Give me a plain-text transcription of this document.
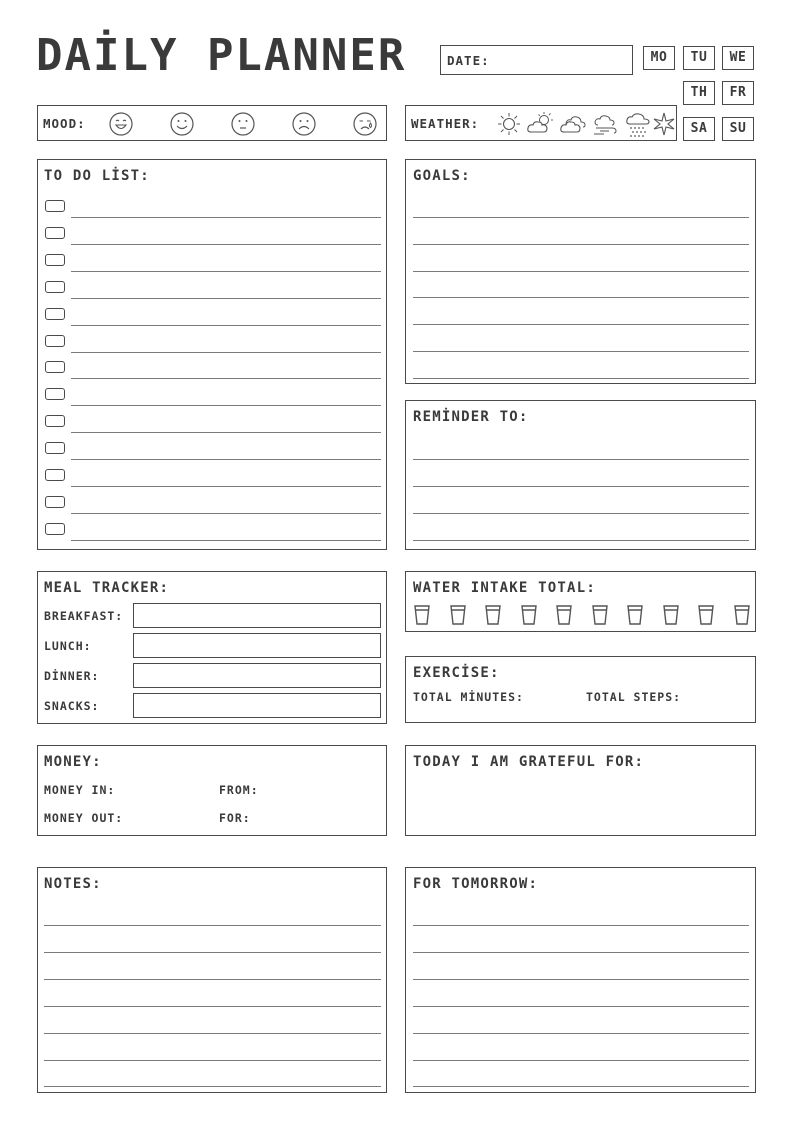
DAİLY PLANNER	DATE:	MO	TU	WE
TH	FR
SA	SU
MOOD:	WEATHER:
TO DO LİST:	GOALS:
REMİNDER TO:
MEAL TRACKER:
BREAKFAST:
LUNCH:
DİNNER:
SNACKS:
WATER INTAKE TOTAL:
EXERCİSE:
TOTAL MİNUTES:	TOTAL STEPS:
MONEY:
MONEY IN:	FROM:
MONEY OUT:	FOR:
TODAY I AM GRATEFUL FOR:
NOTES:	FOR TOMORROW:
